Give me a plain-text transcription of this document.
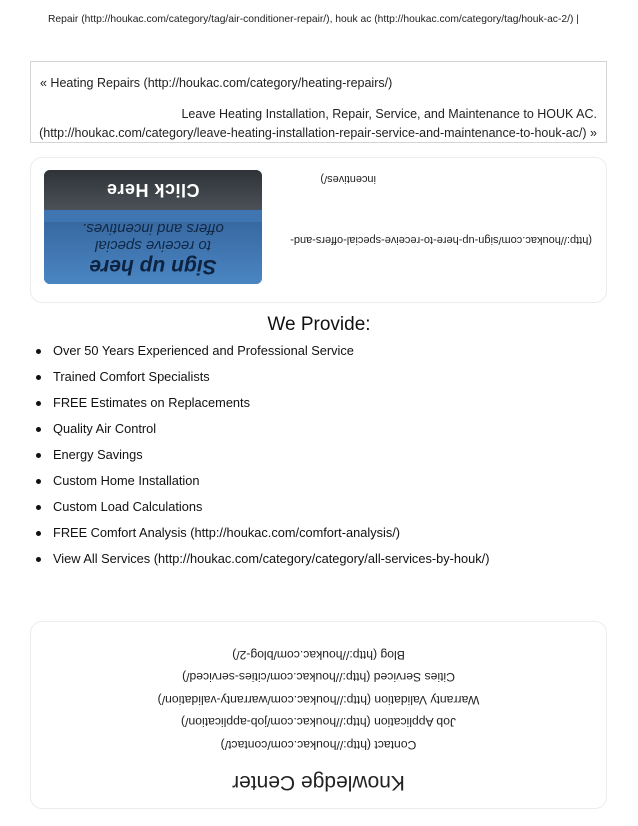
Repair (http://houkac.com/category/tag/air-conditioner-repair/), houk ac (http://houkac.com/category/tag/houk-ac-2/) |
« Heating Repairs (http://houkac.com/category/heating-repairs/)
Leave Heating Installation, Repair, Service, and Maintenance to HOUK AC.
(http://houkac.com/category/leave-heating-installation-repair-service-and-maintenance-to-houk-ac/) »
(http://houkac.com/sign-up-here-to-receive-special-offers-and-
incentives/)
Sign up here
to receive special
offers and incentives.
Click Here
We Provide:
Over 50 Years Experienced and Professional Service
Trained Comfort Specialists
FREE Estimates on Replacements
Quality Air Control
Energy Savings
Custom Home Installation
Custom Load Calculations
FREE Comfort Analysis (http://houkac.com/comfort-analysis/)
View All Services (http://houkac.com/category/category/all-services-by-houk/)
Knowledge Center
Contact (http://houkac.com/contact/)
Job Application (http://houkac.com/job-application/)
Warranty Validation (http://houkac.com/warranty-validation/)
Cities Serviced (http://houkac.com/cities-serviced/)
Blog (http://houkac.com/blog-2/)
